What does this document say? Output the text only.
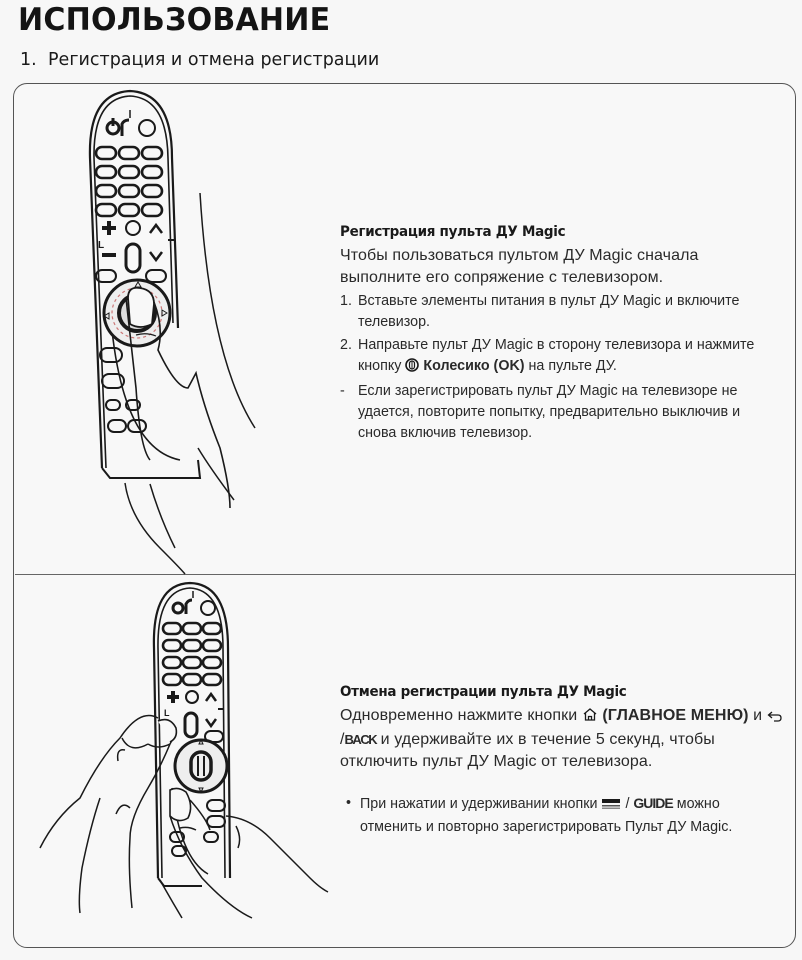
ИСПОЛЬЗОВАНИЕ
1. Регистрация и отмена регистрации
L
L
Регистрация пульта ДУ Magic
Чтобы пользоваться пультом ДУ Magic сначала выполните его сопряжение с телевизором.
1. Вставьте элементы питания в пульт ДУ Magic и включите телевизор.
2. Направьте пульт ДУ Magic в сторону телевизора и нажмите кнопку Колесико (OK) на пульте ДУ.
- Если зарегистрировать пульт ДУ Magic на телевизоре не удается, повторите попытку, предварительно выключив и снова включив телевизор.
Отмена регистрации пульта ДУ Magic
Одновременно нажмите кнопки (ГЛАВНОЕ МЕНЮ) и /BACK и удерживайте их в течение 5 секунд, чтобы отключить пульт ДУ Magic от телевизора.
• При нажатии и удерживании кнопки / GUIDE можно отменить и повторно зарегистрировать Пульт ДУ Magic.
